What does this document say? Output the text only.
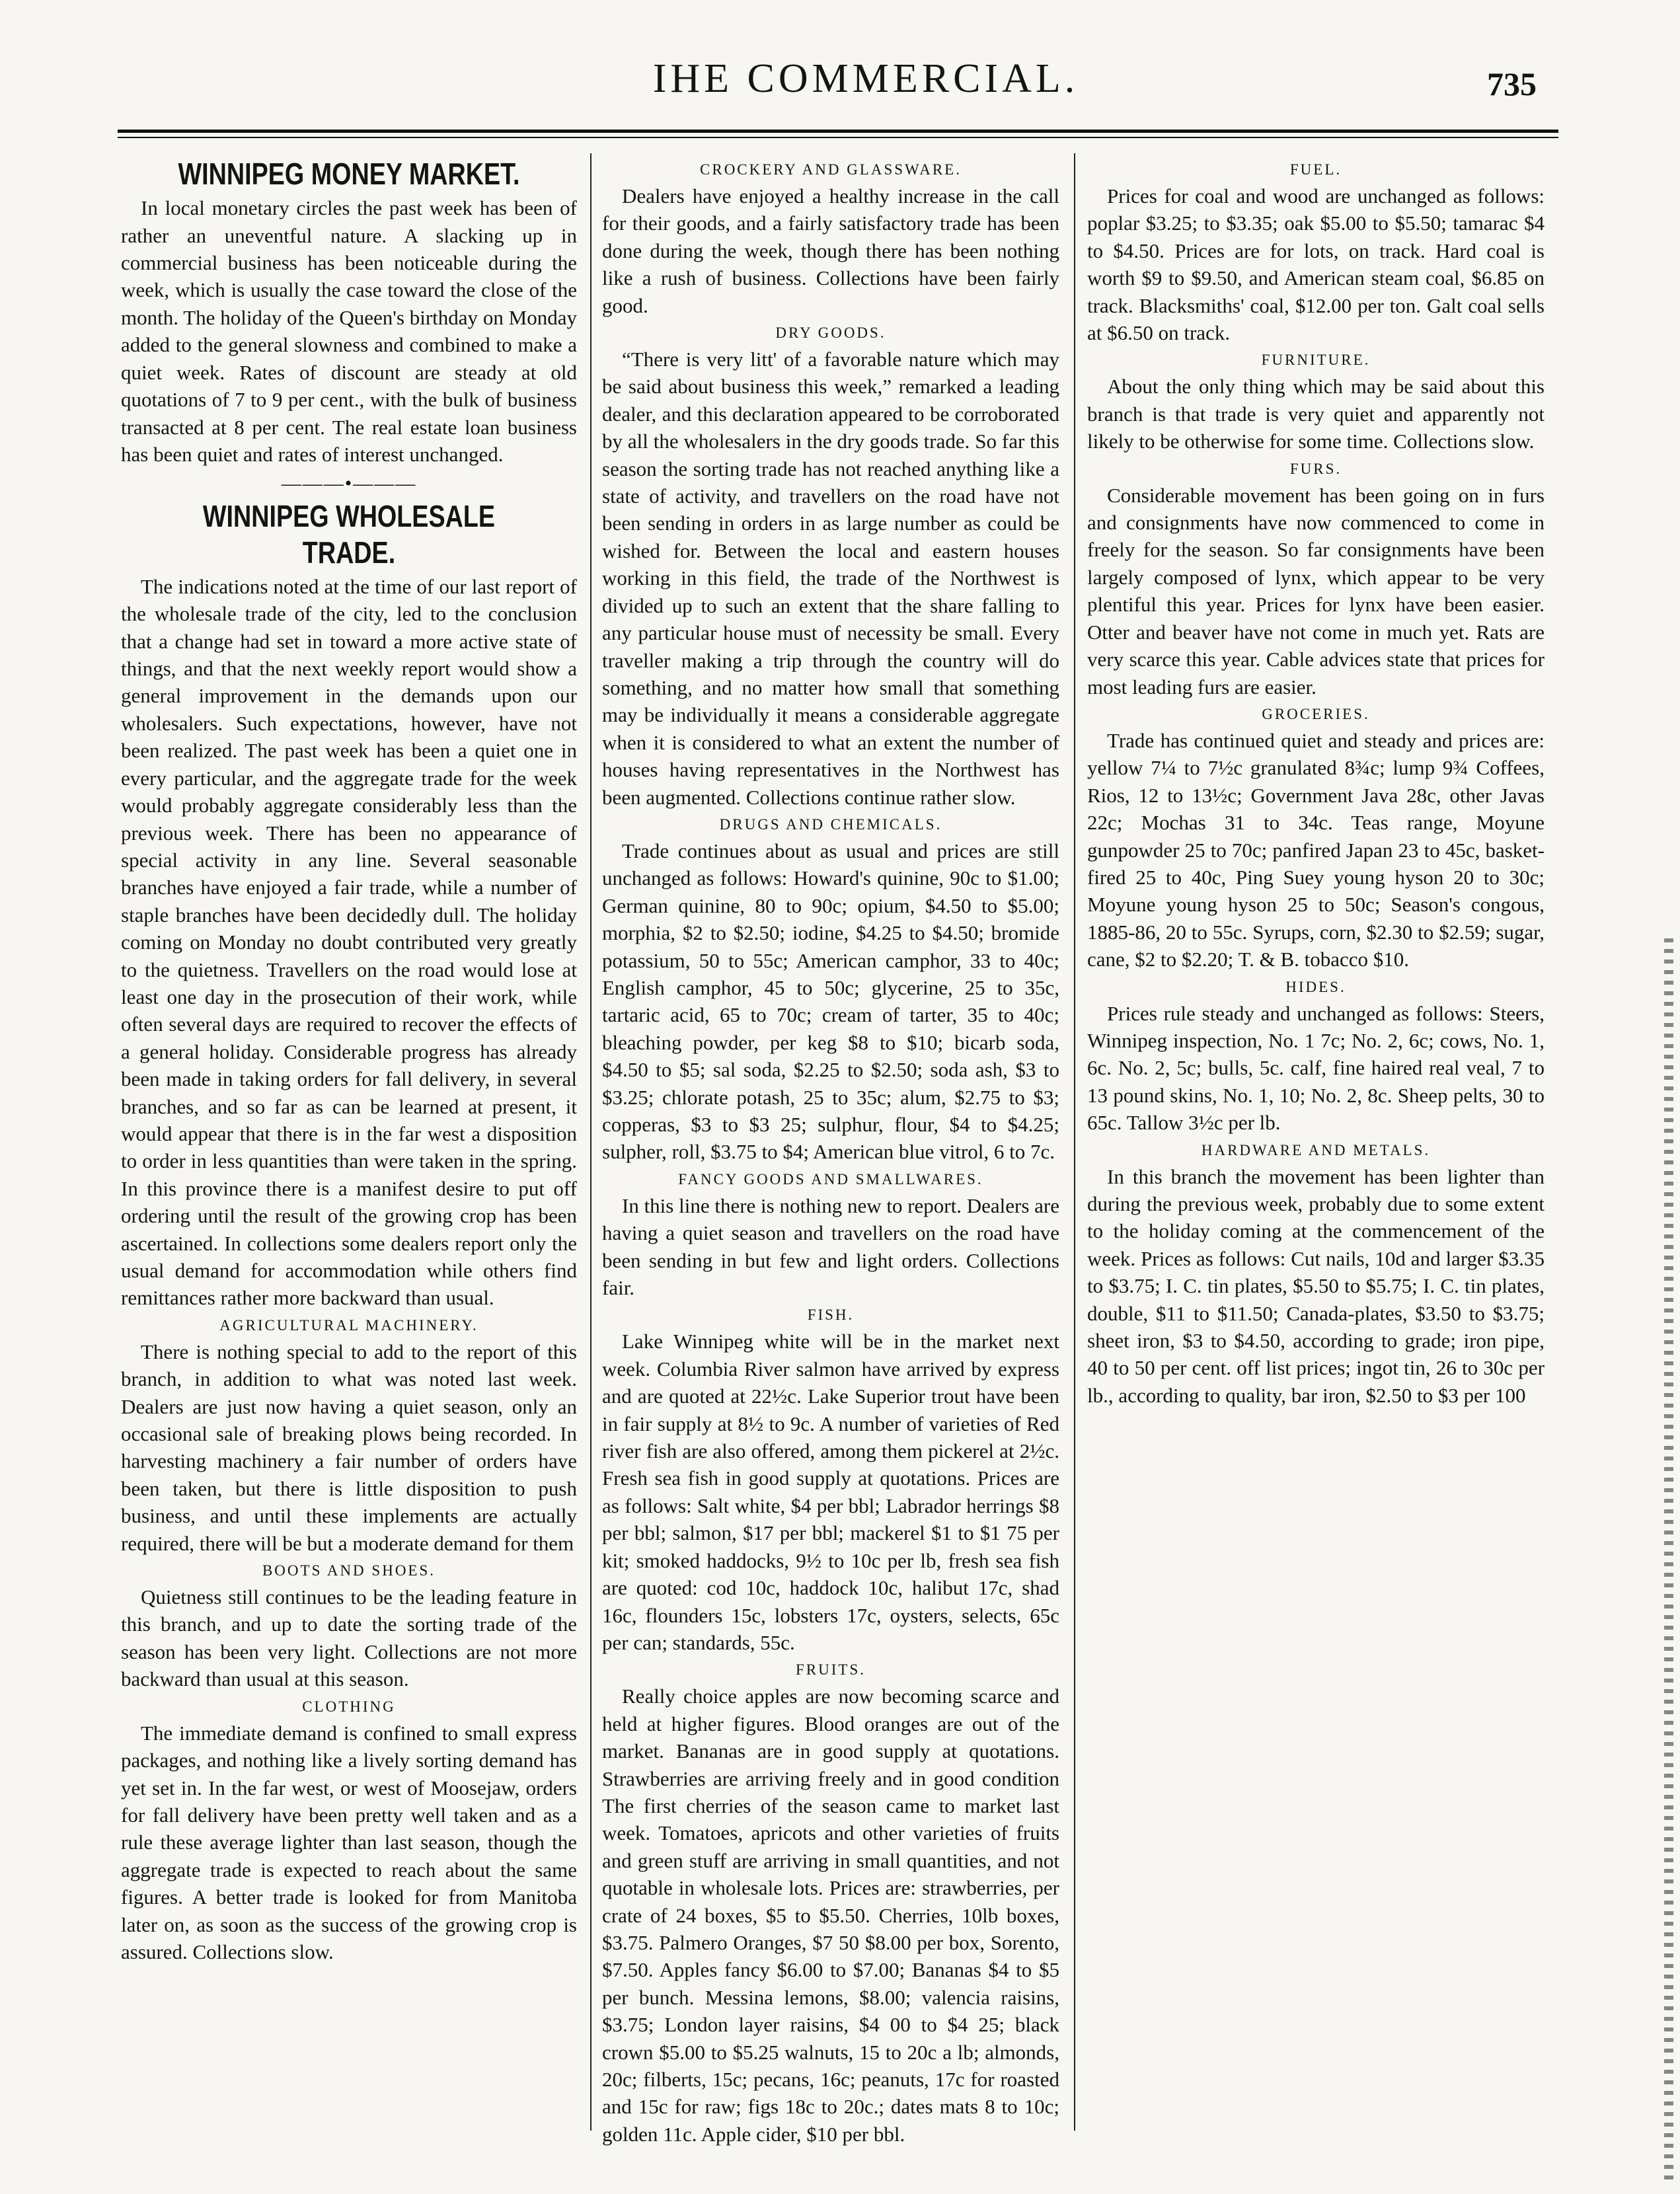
IHE COMMERCIAL.	735
WINNIPEG MONEY MARKET.

In local monetary circles the past week has been of rather an uneventful nature. A slacking up in commercial business has been noticeable during the week, which is usually the case toward the close of the month. The holiday of the Queen's birthday on Monday added to the general slowness and combined to make a quiet week. Rates of discount are steady at old quotations of 7 to 9 per cent., with the bulk of business transacted at 8 per cent. The real estate loan business has been quiet and rates of interest unchanged.

———•———
WINNIPEG WHOLESALE TRADE.

The indications noted at the time of our last report of the wholesale trade of the city, led to the conclusion that a change had set in toward a more active state of things, and that the next weekly report would show a general improvement in the demands upon our wholesalers. Such expectations, however, have not been realized. The past week has been a quiet one in every particular, and the aggregate trade for the week would probably aggregate considerably less than the previous week. There has been no appearance of special activity in any line. Several seasonable branches have enjoyed a fair trade, while a number of staple branches have been decidedly dull. The holiday coming on Monday no doubt contributed very greatly to the quietness. Travellers on the road would lose at least one day in the prosecution of their work, while often several days are required to recover the effects of a general holiday. Considerable progress has already been made in taking orders for fall delivery, in several branches, and so far as can be learned at present, it would appear that there is in the far west a disposition to order in less quantities than were taken in the spring. In this province there is a manifest desire to put off ordering until the result of the growing crop has been ascertained. In collections some dealers report only the usual demand for accommodation while others find remittances rather more backward than usual.

AGRICULTURAL MACHINERY.

There is nothing special to add to the report of this branch, in addition to what was noted last week. Dealers are just now having a quiet season, only an occasional sale of breaking plows being recorded. In harvesting machinery a fair number of orders have been taken, but there is little disposition to push business, and until these implements are actually required, there will be but a moderate demand for them

BOOTS AND SHOES.

Quietness still continues to be the leading feature in this branch, and up to date the sorting trade of the season has been very light. Collections are not more backward than usual at this season.

CLOTHING

The immediate demand is confined to small express packages, and nothing like a lively sorting demand has yet set in. In the far west, or west of Moosejaw, orders for fall delivery have been pretty well taken and as a rule these average lighter than last season, though the aggregate trade is expected to reach about the same figures. A better trade is looked for from Manitoba later on, as soon as the success of the growing crop is assured. Collections slow.

CROCKERY AND GLASSWARE.

Dealers have enjoyed a healthy increase in the call for their goods, and a fairly satisfactory trade has been done during the week, though there has been nothing like a rush of business. Collections have been fairly good.

DRY GOODS.

“There is very litt' of a favorable nature which may be said about business this week,” remarked a leading dealer, and this declaration appeared to be corroborated by all the wholesalers in the dry goods trade. So far this season the sorting trade has not reached anything like a state of activity, and travellers on the road have not been sending in orders in as large number as could be wished for. Between the local and eastern houses working in this field, the trade of the Northwest is divided up to such an extent that the share falling to any particular house must of necessity be small. Every traveller making a trip through the country will do something, and no matter how small that something may be individually it means a considerable aggregate when it is considered to what an extent the number of houses having representatives in the Northwest has been augmented. Collections continue rather slow.

DRUGS AND CHEMICALS.

Trade continues about as usual and prices are still unchanged as follows: Howard's quinine, 90c to $1.00; German quinine, 80 to 90c; opium, $4.50 to $5.00; morphia, $2 to $2.50; iodine, $4.25 to $4.50; bromide potassium, 50 to 55c; American camphor, 33 to 40c; English camphor, 45 to 50c; glycerine, 25 to 35c, tartaric acid, 65 to 70c; cream of tarter, 35 to 40c; bleaching powder, per keg $8 to $10; bicarb soda, $4.50 to $5; sal soda, $2.25 to $2.50; soda ash, $3 to $3.25; chlorate potash, 25 to 35c; alum, $2.75 to $3; copperas, $3 to $3 25; sulphur, flour, $4 to $4.25; sulpher, roll, $3.75 to $4; American blue vitrol, 6 to 7c.

FANCY GOODS AND SMALLWARES.

In this line there is nothing new to report. Dealers are having a quiet season and travellers on the road have been sending in but few and light orders. Collections fair.

FISH.

Lake Winnipeg white will be in the market next week. Columbia River salmon have arrived by express and are quoted at 22½c. Lake Superior trout have been in fair supply at 8½ to 9c. A number of varieties of Red river fish are also offered, among them pickerel at 2½c. Fresh sea fish in good supply at quotations. Prices are as follows: Salt white, $4 per bbl; Labrador herrings $8 per bbl; salmon, $17 per bbl; mackerel $1 to $1 75 per kit; smoked haddocks, 9½ to 10c per lb, fresh sea fish are quoted: cod 10c, haddock 10c, halibut 17c, shad 16c, flounders 15c, lobsters 17c, oysters, selects, 65c per can; standards, 55c.

FRUITS.

Really choice apples are now becoming scarce and held at higher figures. Blood oranges are out of the market. Bananas are in good supply at quotations. Strawberries are arriving freely and in good condition The first cherries of the season came to market last week. Tomatoes, apricots and other varieties of fruits and green stuff are arriving in small quantities, and not quotable in wholesale lots. Prices are: strawberries, per crate of 24 boxes, $5 to $5.50. Cherries, 10lb boxes, $3.75. Palmero Oranges, $7 50 $8.00 per box, Sorento, $7.50. Apples fancy $6.00 to $7.00; Bananas $4 to $5 per bunch. Messina lemons, $8.00; valencia raisins, $3.75; London layer raisins, $4 00 to $4 25; black crown $5.00 to $5.25 walnuts, 15 to 20c a lb; almonds, 20c; filberts, 15c; pecans, 16c; peanuts, 17c for roasted and 15c for raw; figs 18c to 20c.; dates mats 8 to 10c; golden 11c. Apple cider, $10 per bbl.

FUEL.

Prices for coal and wood are unchanged as follows: poplar $3.25; to $3.35; oak $5.00 to $5.50; tamarac $4 to $4.50. Prices are for lots, on track. Hard coal is worth $9 to $9.50, and American steam coal, $6.85 on track. Blacksmiths' coal, $12.00 per ton. Galt coal sells at $6.50 on track.

FURNITURE.

About the only thing which may be said about this branch is that trade is very quiet and apparently not likely to be otherwise for some time. Collections slow.

FURS.

Considerable movement has been going on in furs and consignments have now commenced to come in freely for the season. So far consignments have been largely composed of lynx, which appear to be very plentiful this year. Prices for lynx have been easier. Otter and beaver have not come in much yet. Rats are very scarce this year. Cable advices state that prices for most leading furs are easier.

GROCERIES.

Trade has continued quiet and steady and prices are: yellow 7¼ to 7½c granulated 8¾c; lump 9¾ Coffees, Rios, 12 to 13½c; Government Java 28c, other Javas 22c; Mochas 31 to 34c. Teas range, Moyune gunpowder 25 to 70c; panfired Japan 23 to 45c, basket-fired 25 to 40c, Ping Suey young hyson 20 to 30c; Moyune young hyson 25 to 50c; Season's congous, 1885-86, 20 to 55c. Syrups, corn, $2.30 to $2.59; sugar, cane, $2 to $2.20; T. & B. tobacco $10.

HIDES.

Prices rule steady and unchanged as follows: Steers, Winnipeg inspection, No. 1 7c; No. 2, 6c; cows, No. 1, 6c. No. 2, 5c; bulls, 5c. calf, fine haired real veal, 7 to 13 pound skins, No. 1, 10; No. 2, 8c. Sheep pelts, 30 to 65c. Tallow 3½c per lb.

HARDWARE AND METALS.

In this branch the movement has been lighter than during the previous week, probably due to some extent to the holiday coming at the commencement of the week. Prices as follows: Cut nails, 10d and larger $3.35 to $3.75; I. C. tin plates, $5.50 to $5.75; I. C. tin plates, double, $11 to $11.50; Canada-plates, $3.50 to $3.75; sheet iron, $3 to $4.50, according to grade; iron pipe, 40 to 50 per cent. off list prices; ingot tin, 26 to 30c per lb., according to quality, bar iron, $2.50 to $3 per 100
